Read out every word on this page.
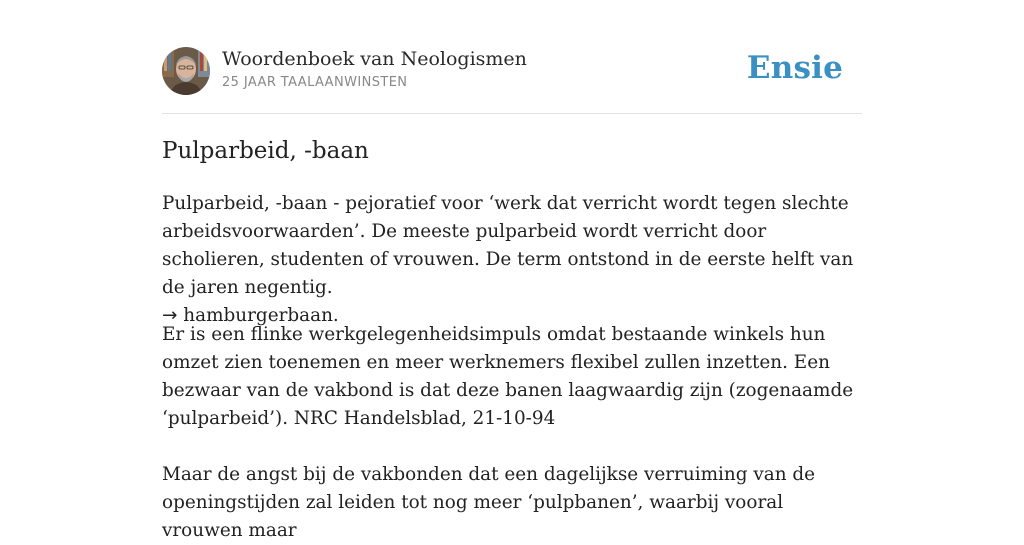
Woordenboek van Neologismen
25 JAAR TAALAANWINSTEN	Ensie
Pulparbeid, -baan

Pulparbeid, -baan - pejoratief voor ‘werk dat verricht wordt tegen slechte arbeidsvoorwaarden’. De meeste pulparbeid wordt verricht door scholieren, studenten of vrouwen. De term ontstond in de eerste helft van de jaren negentig.
→ hamburgerbaan.

Er is een flinke werkgelegenheidsimpuls omdat bestaande winkels hun omzet zien toenemen en meer werknemers flexibel zullen inzetten. Een bezwaar van de vakbond is dat deze banen laagwaardig zijn (zogenaamde ‘pulparbeid’). NRC Handelsblad, 21-10-94

Maar de angst bij de vakbonden dat een dagelijkse verruiming van de openingstijden zal leiden tot nog meer ‘pulpbanen’, waarbij vooral vrouwen maar
